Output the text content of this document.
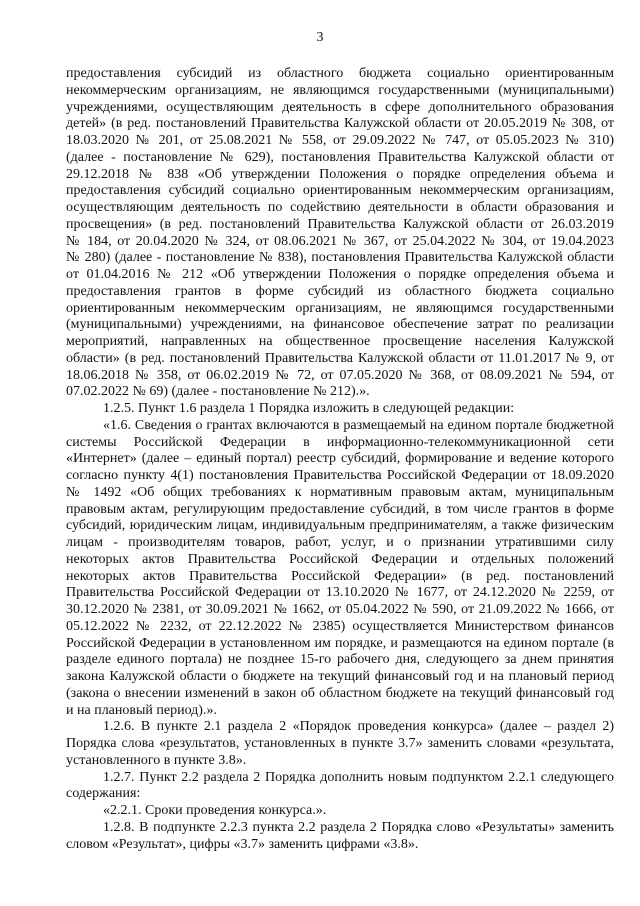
3
предоставления субсидий из областного бюджета социально ориентированным
некоммерческим организациям, не являющимся государственными (муниципальными)
учреждениями, осуществляющим деятельность в сфере дополнительного образования
детей» (в ред. постановлений Правительства Калужской области от 20.05.2019 № 308, от
18.03.2020 № 201, от 25.08.2021 № 558, от 29.09.2022 № 747, от 05.05.2023 № 310)
(далее - постановление № 629), постановления Правительства Калужской области от
29.12.2018 № 838 «Об утверждении Положения о порядке определения объема и
предоставления субсидий социально ориентированным некоммерческим организациям,
осуществляющим деятельность по содействию деятельности в области образования и
просвещения» (в ред. постановлений Правительства Калужской области от 26.03.2019
№ 184, от 20.04.2020 № 324, от 08.06.2021 № 367, от 25.04.2022 № 304, от 19.04.2023
№ 280) (далее - постановление № 838), постановления Правительства Калужской области
от 01.04.2016 № 212 «Об утверждении Положения о порядке определения объема и
предоставления грантов в форме субсидий из областного бюджета социально
ориентированным некоммерческим организациям, не являющимся государственными
(муниципальными) учреждениями, на финансовое обеспечение затрат по реализации
мероприятий, направленных на общественное просвещение населения Калужской
области» (в ред. постановлений Правительства Калужской области от 11.01.2017 № 9, от
18.06.2018 № 358, от 06.02.2019 № 72, от 07.05.2020 № 368, от 08.09.2021 № 594, от
07.02.2022 № 69) (далее - постановление № 212).».
1.2.5. Пункт 1.6 раздела 1 Порядка изложить в следующей редакции:
«1.6. Сведения о грантах включаются в размещаемый на едином портале бюджетной
системы Российской Федерации в информационно-телекоммуникационной сети
«Интернет» (далее – единый портал) реестр субсидий, формирование и ведение которого
согласно пункту 4(1) постановления Правительства Российской Федерации от 18.09.2020
№ 1492 «Об общих требованиях к нормативным правовым актам, муниципальным
правовым актам, регулирующим предоставление субсидий, в том числе грантов в форме
субсидий, юридическим лицам, индивидуальным предпринимателям, а также физическим
лицам - производителям товаров, работ, услуг, и о признании утратившими силу
некоторых актов Правительства Российской Федерации и отдельных положений
некоторых актов Правительства Российской Федерации» (в ред. постановлений
Правительства Российской Федерации от 13.10.2020 № 1677, от 24.12.2020 № 2259, от
30.12.2020 № 2381, от 30.09.2021 № 1662, от 05.04.2022 № 590, от 21.09.2022 № 1666, от
05.12.2022 № 2232, от 22.12.2022 № 2385) осуществляется Министерством финансов
Российской Федерации в установленном им порядке, и размещаются на едином портале (в
разделе единого портала) не позднее 15-го рабочего дня, следующего за днем принятия
закона Калужской области о бюджете на текущий финансовый год и на плановый период
(закона о внесении изменений в закон об областном бюджете на текущий финансовый год
и на плановый период).».
1.2.6. В пункте 2.1 раздела 2 «Порядок проведения конкурса» (далее – раздел 2)
Порядка слова «результатов, установленных в пункте 3.7» заменить словами «результата,
установленного в пункте 3.8».
1.2.7. Пункт 2.2 раздела 2 Порядка дополнить новым подпунктом 2.2.1 следующего
содержания:
«2.2.1. Сроки проведения конкурса.».
1.2.8. В подпункте 2.2.3 пункта 2.2 раздела 2 Порядка слово «Результаты» заменить
словом «Результат», цифры «3.7» заменить цифрами «3.8».
